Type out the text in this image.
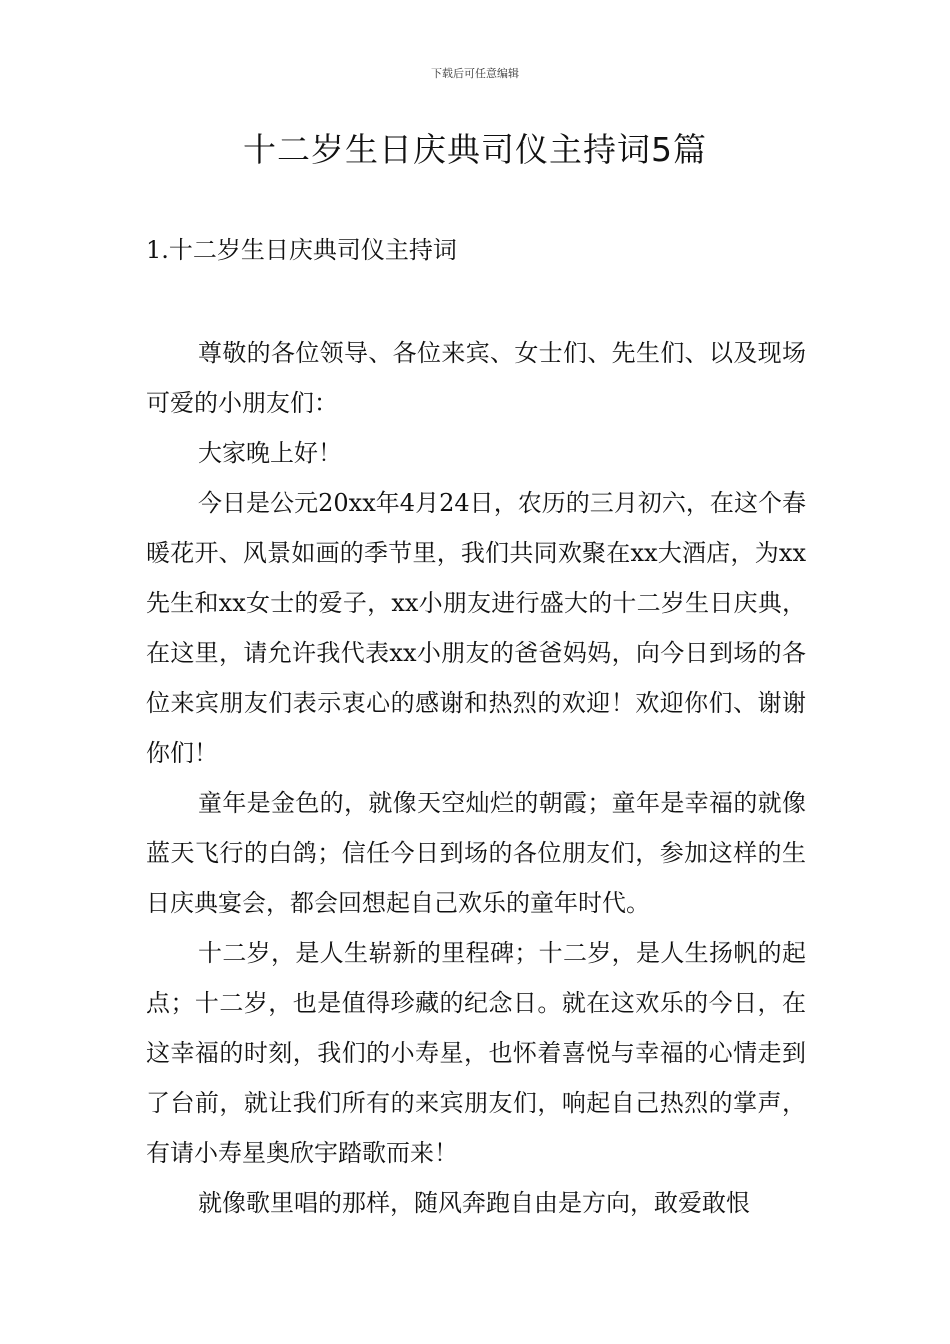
下载后可任意编辑
十二岁生日庆典司仪主持词5篇
1.十二岁生日庆典司仪主持词

尊敬的各位领导、各位来宾、女士们、先生们、以及现场可爱的小朋友们：

大家晚上好！

今日是公元20xx年4月24日，农历的三月初六，在这个春暖花开、风景如画的季节里，我们共同欢聚在xx大酒店，为xx先生和xx女士的爱子，xx小朋友进行盛大的十二岁生日庆典，在这里，请允许我代表xx小朋友的爸爸妈妈，向今日到场的各位来宾朋友们表示衷心的感谢和热烈的欢迎！欢迎你们、谢谢你们！

童年是金色的，就像天空灿烂的朝霞；童年是幸福的就像蓝天飞行的白鸽；信任今日到场的各位朋友们，参加这样的生日庆典宴会，都会回想起自己欢乐的童年时代。

十二岁，是人生崭新的里程碑；十二岁，是人生扬帆的起点；十二岁，也是值得珍藏的纪念日。就在这欢乐的今日，在这幸福的时刻，我们的小寿星，也怀着喜悦与幸福的心情走到了台前，就让我们所有的来宾朋友们，响起自己热烈的掌声，有请小寿星奥欣宇踏歌而来！

就像歌里唱的那样，随风奔跑自由是方向，敢爱敢恨
